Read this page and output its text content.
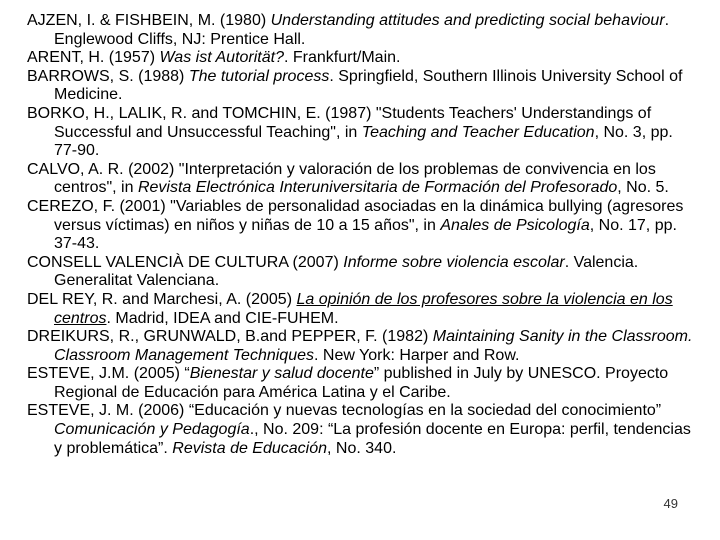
AJZEN, I. & FISHBEIN, M. (1980) Understanding attitudes and predicting social behaviour. Englewood Cliffs, NJ: Prentice Hall.
ARENT, H. (1957) Was ist Autorität?. Frankfurt/Main.
BARROWS, S. (1988) The tutorial process. Springfield, Southern Illinois University School of Medicine.
BORKO, H., LALIK, R. and TOMCHIN, E. (1987) "Students Teachers' Understandings of Successful and Unsuccessful Teaching", in Teaching and Teacher Education, No. 3, pp. 77-90.
CALVO, A. R. (2002) "Interpretación y valoración de los problemas de convivencia en los centros", in Revista Electrónica Interuniversitaria de Formación del Profesorado, No. 5.
CEREZO, F. (2001) "Variables de personalidad asociadas en la dinámica bullying (agresores versus víctimas) en niños y niñas de 10 a 15 años", in Anales de Psicología, No. 17, pp. 37-43.
CONSELL VALENCIÀ DE CULTURA (2007) Informe sobre violencia escolar. Valencia. Generalitat Valenciana.
DEL REY, R. and Marchesi, A. (2005) La opinión de los profesores sobre la violencia en los centros. Madrid, IDEA and CIE-FUHEM.
DREIKURS, R., GRUNWALD, B.and PEPPER, F. (1982) Maintaining Sanity in the Classroom. Classroom Management Techniques. New York: Harper and Row.
ESTEVE, J.M. (2005) “Bienestar y salud docente” published in July by UNESCO. Proyecto Regional de Educación para América Latina y el Caribe.
ESTEVE, J. M. (2006) “Educación y nuevas tecnologías en la sociedad del conocimiento” Comunicación y Pedagogía., No. 209: “La profesión docente en Europa: perfil, tendencias y problemática”. Revista de Educación, No. 340.
49
